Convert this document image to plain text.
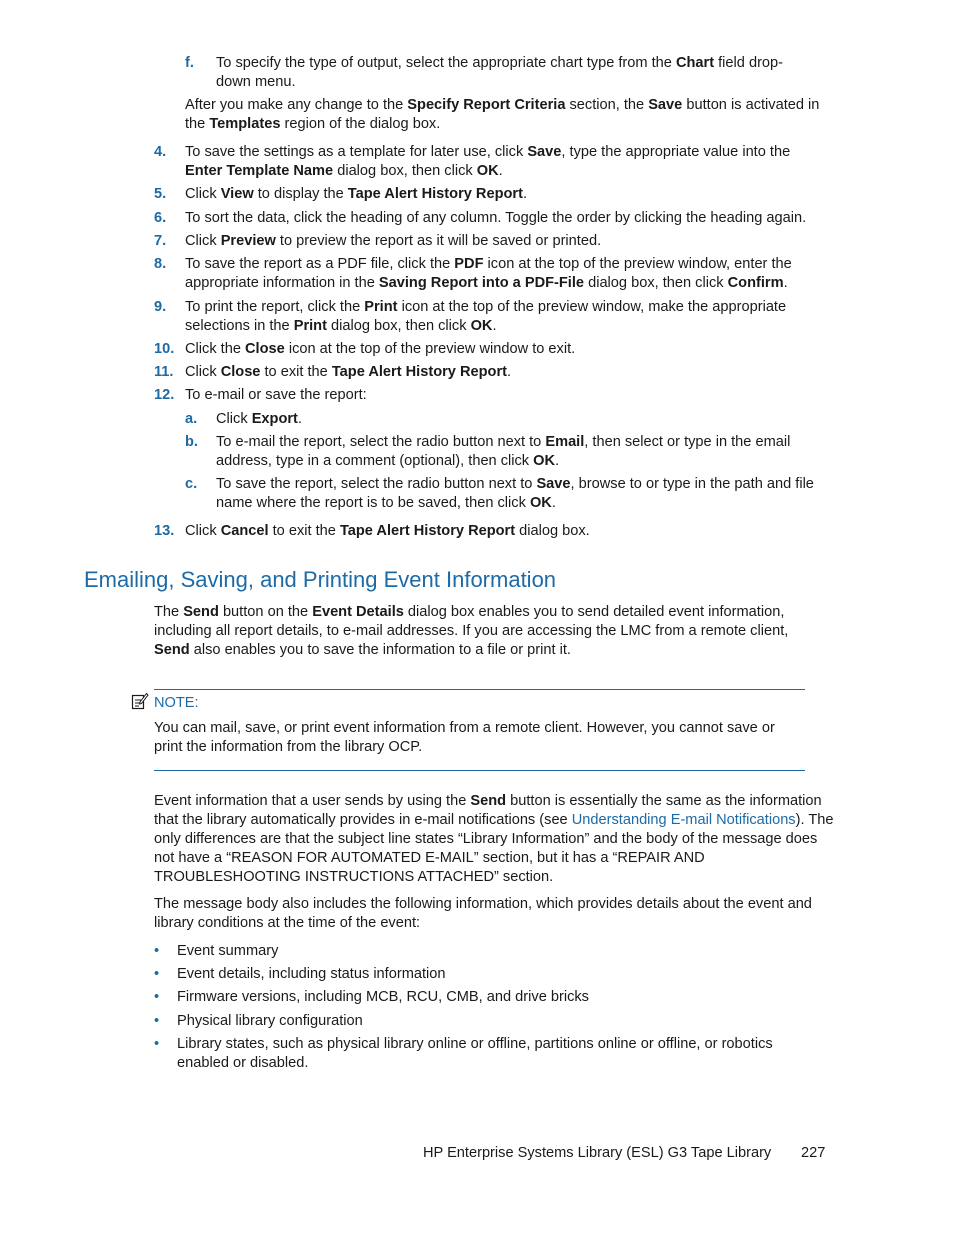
f. To specify the type of output, select the appropriate chart type from the Chart field drop-down menu.
After you make any change to the Specify Report Criteria section, the Save button is activated in the Templates region of the dialog box.
4. To save the settings as a template for later use, click Save, type the appropriate value into the Enter Template Name dialog box, then click OK.
5. Click View to display the Tape Alert History Report.
6. To sort the data, click the heading of any column. Toggle the order by clicking the heading again.
7. Click Preview to preview the report as it will be saved or printed.
8. To save the report as a PDF file, click the PDF icon at the top of the preview window, enter the appropriate information in the Saving Report into a PDF-File dialog box, then click Confirm.
9. To print the report, click the Print icon at the top of the preview window, make the appropriate selections in the Print dialog box, then click OK.
10. Click the Close icon at the top of the preview window to exit.
11. Click Close to exit the Tape Alert History Report.
12. To e-mail or save the report:
a. Click Export.
b. To e-mail the report, select the radio button next to Email, then select or type in the email address, type in a comment (optional), then click OK.
c. To save the report, select the radio button next to Save, browse to or type in the path and file name where the report is to be saved, then click OK.
13. Click Cancel to exit the Tape Alert History Report dialog box.
Emailing, Saving, and Printing Event Information
The Send button on the Event Details dialog box enables you to send detailed event information, including all report details, to e-mail addresses. If you are accessing the LMC from a remote client, Send also enables you to save the information to a file or print it.
NOTE:
You can mail, save, or print event information from a remote client. However, you cannot save or print the information from the library OCP.
Event information that a user sends by using the Send button is essentially the same as the information that the library automatically provides in e-mail notifications (see Understanding E-mail Notifications). The only differences are that the subject line states “Library Information” and the body of the message does not have a “REASON FOR AUTOMATED E-MAIL” section, but it has a “REPAIR AND TROUBLESHOOTING INSTRUCTIONS ATTACHED” section.
The message body also includes the following information, which provides details about the event and library conditions at the time of the event:
• Event summary
• Event details, including status information
• Firmware versions, including MCB, RCU, CMB, and drive bricks
• Physical library configuration
• Library states, such as physical library online or offline, partitions online or offline, or robotics enabled or disabled.
HP Enterprise Systems Library (ESL) G3 Tape Library 227
